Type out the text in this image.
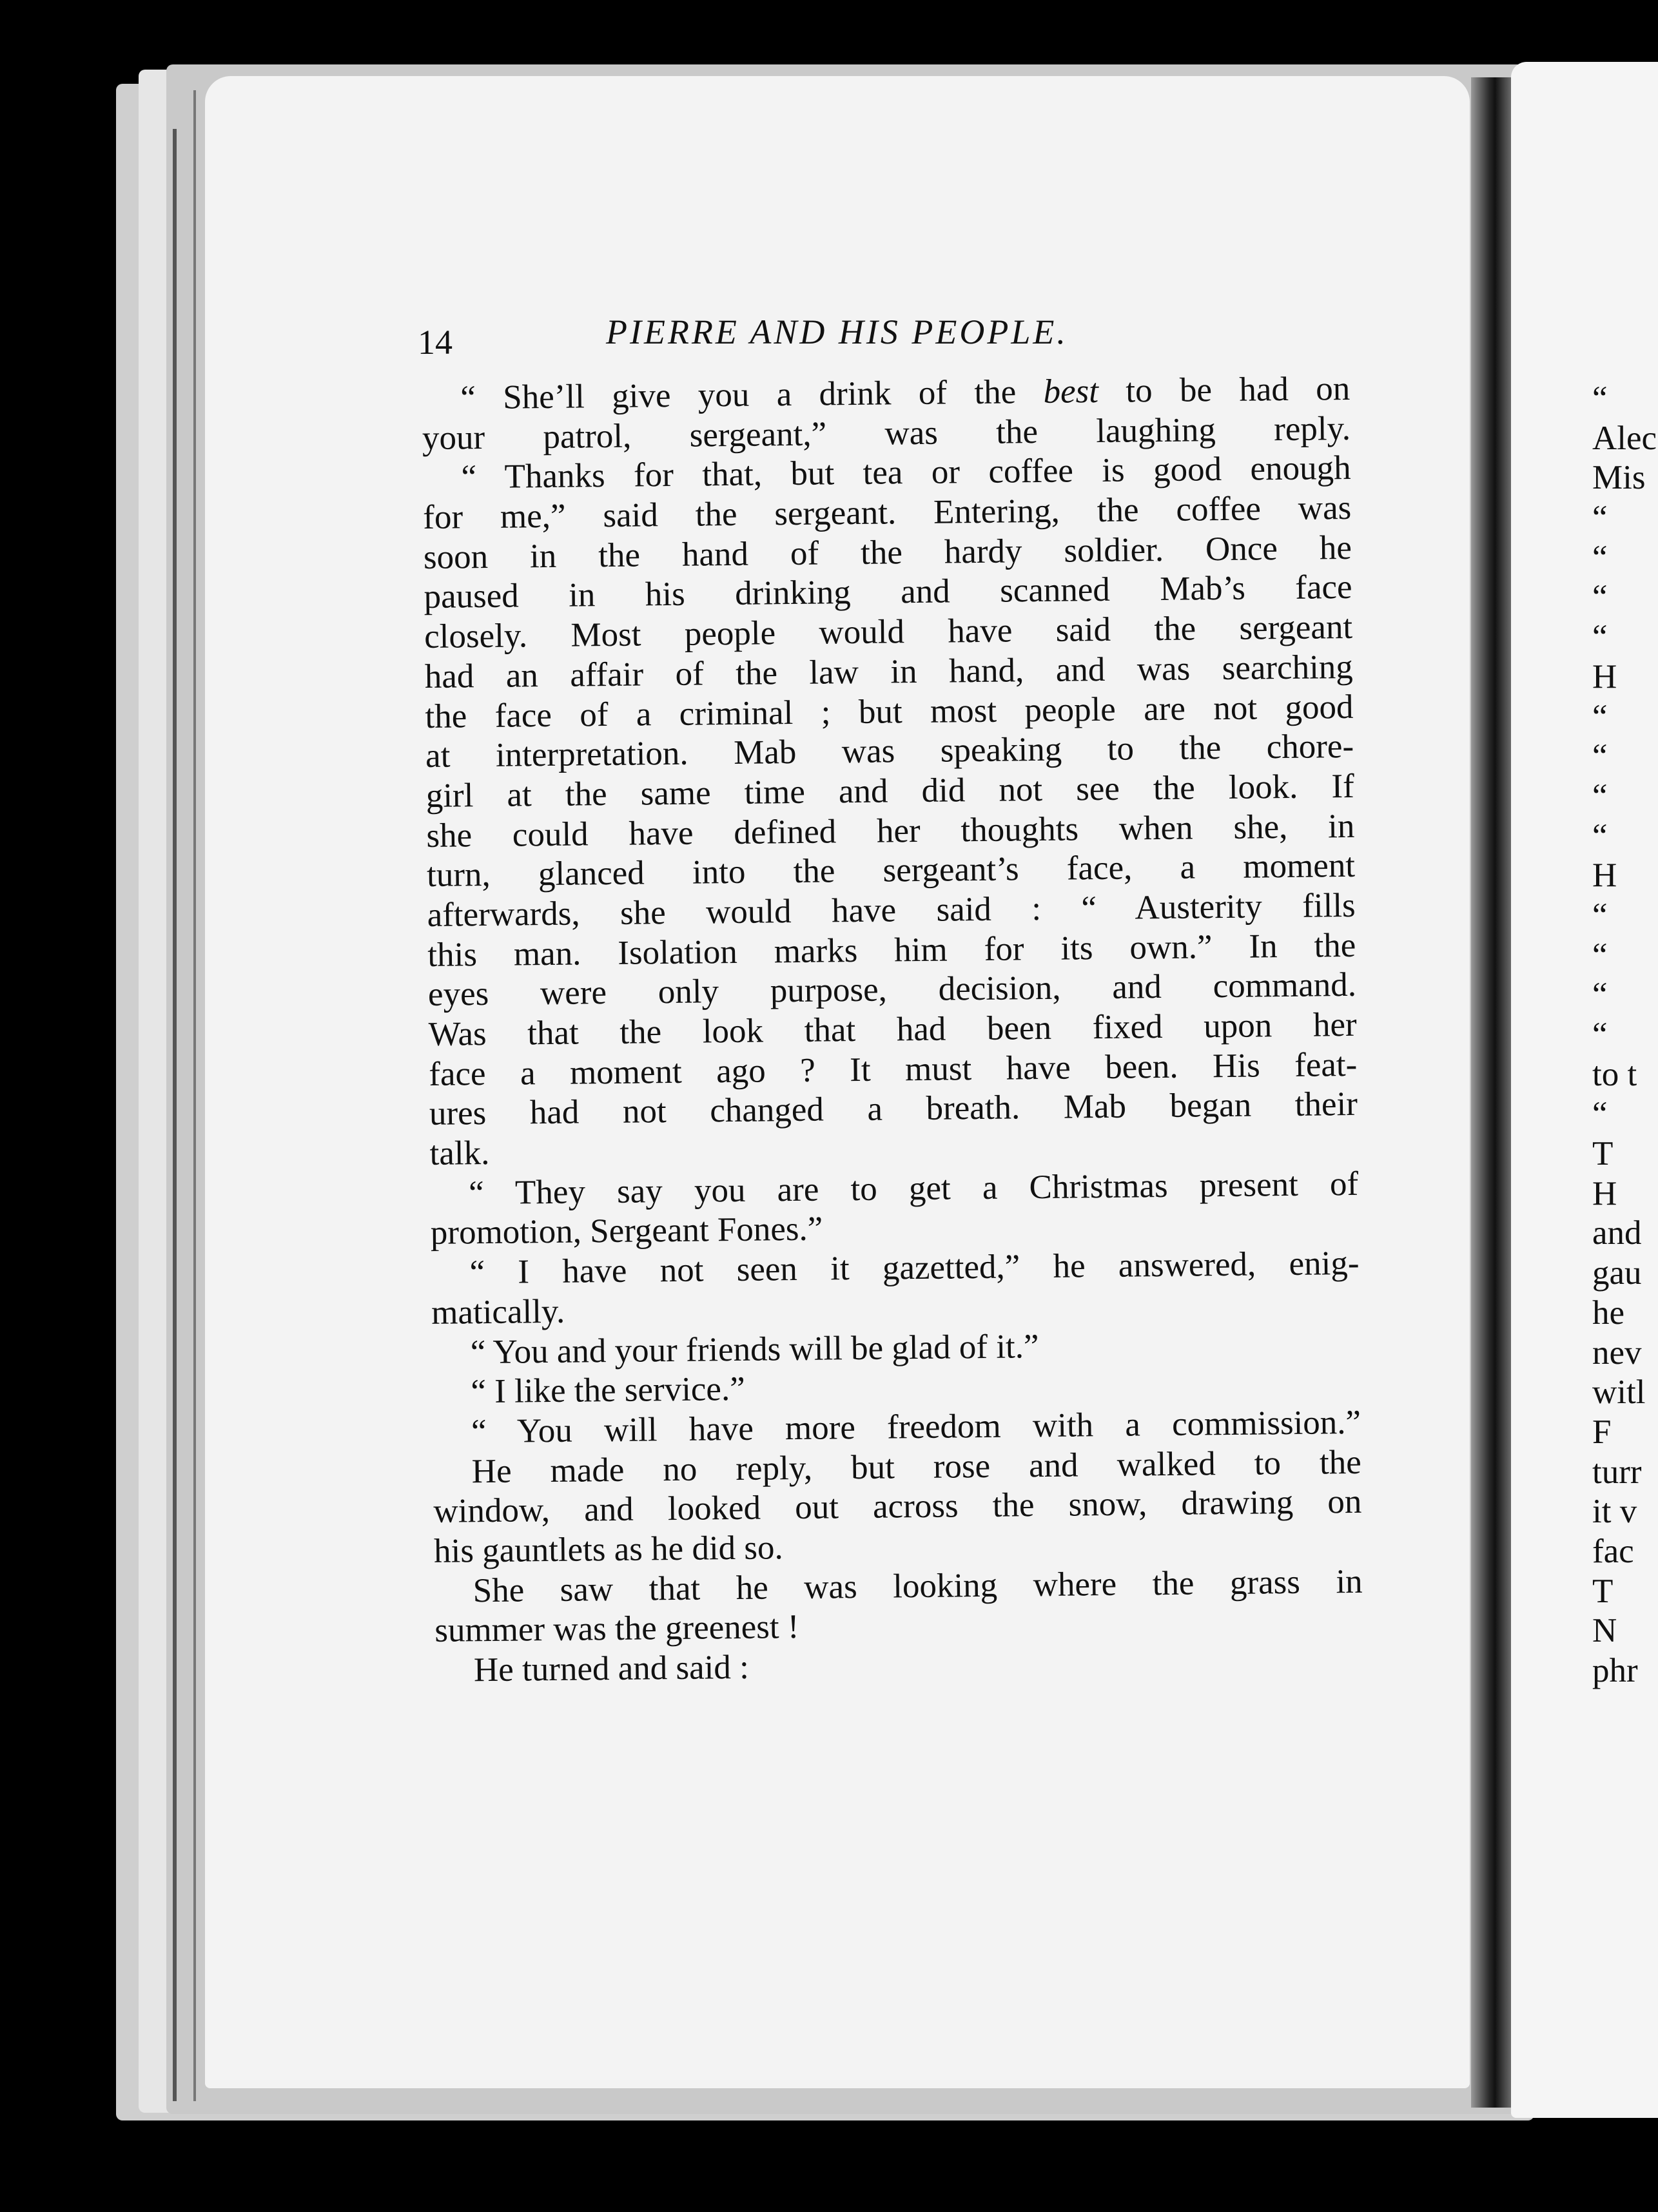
14	PIERRE AND HIS PEOPLE.
“ She’ll give you a drink of the best to be had on
your patrol, sergeant,” was the laughing reply.
“ Thanks for that, but tea or coffee is good enough
for me,” said the sergeant. Entering, the coffee was
soon in the hand of the hardy soldier. Once he
paused in his drinking and scanned Mab’s face
closely. Most people would have said the sergeant
had an affair of the law in hand, and was searching
the face of a criminal ; but most people are not good
at interpretation. Mab was speaking to the chore-
girl at the same time and did not see the look. If
she could have defined her thoughts when she, in
turn, glanced into the sergeant’s face, a moment
afterwards, she would have said : “ Austerity fills
this man. Isolation marks him for its own.” In the
eyes were only purpose, decision, and command.
Was that the look that had been fixed upon her
face a moment ago ? It must have been. His feat-
ures had not changed a breath. Mab began their
talk.
“ They say you are to get a Christmas present of
promotion, Sergeant Fones.”
“ I have not seen it gazetted,” he answered, enig-
matically.
“ You and your friends will be glad of it.”
“ I like the service.”
“ You will have more freedom with a commission.”
He made no reply, but rose and walked to the
window, and looked out across the snow, drawing on
his gauntlets as he did so.
She saw that he was looking where the grass in
summer was the greenest !
He turned and said :
“
Alec
Mis
“
“
“
“
H
“
“
“
“
H
“
“
“
“
to t
“
T
H
and
gau
he
nev
witl
F
turr
it v
fac
T
N
phr
